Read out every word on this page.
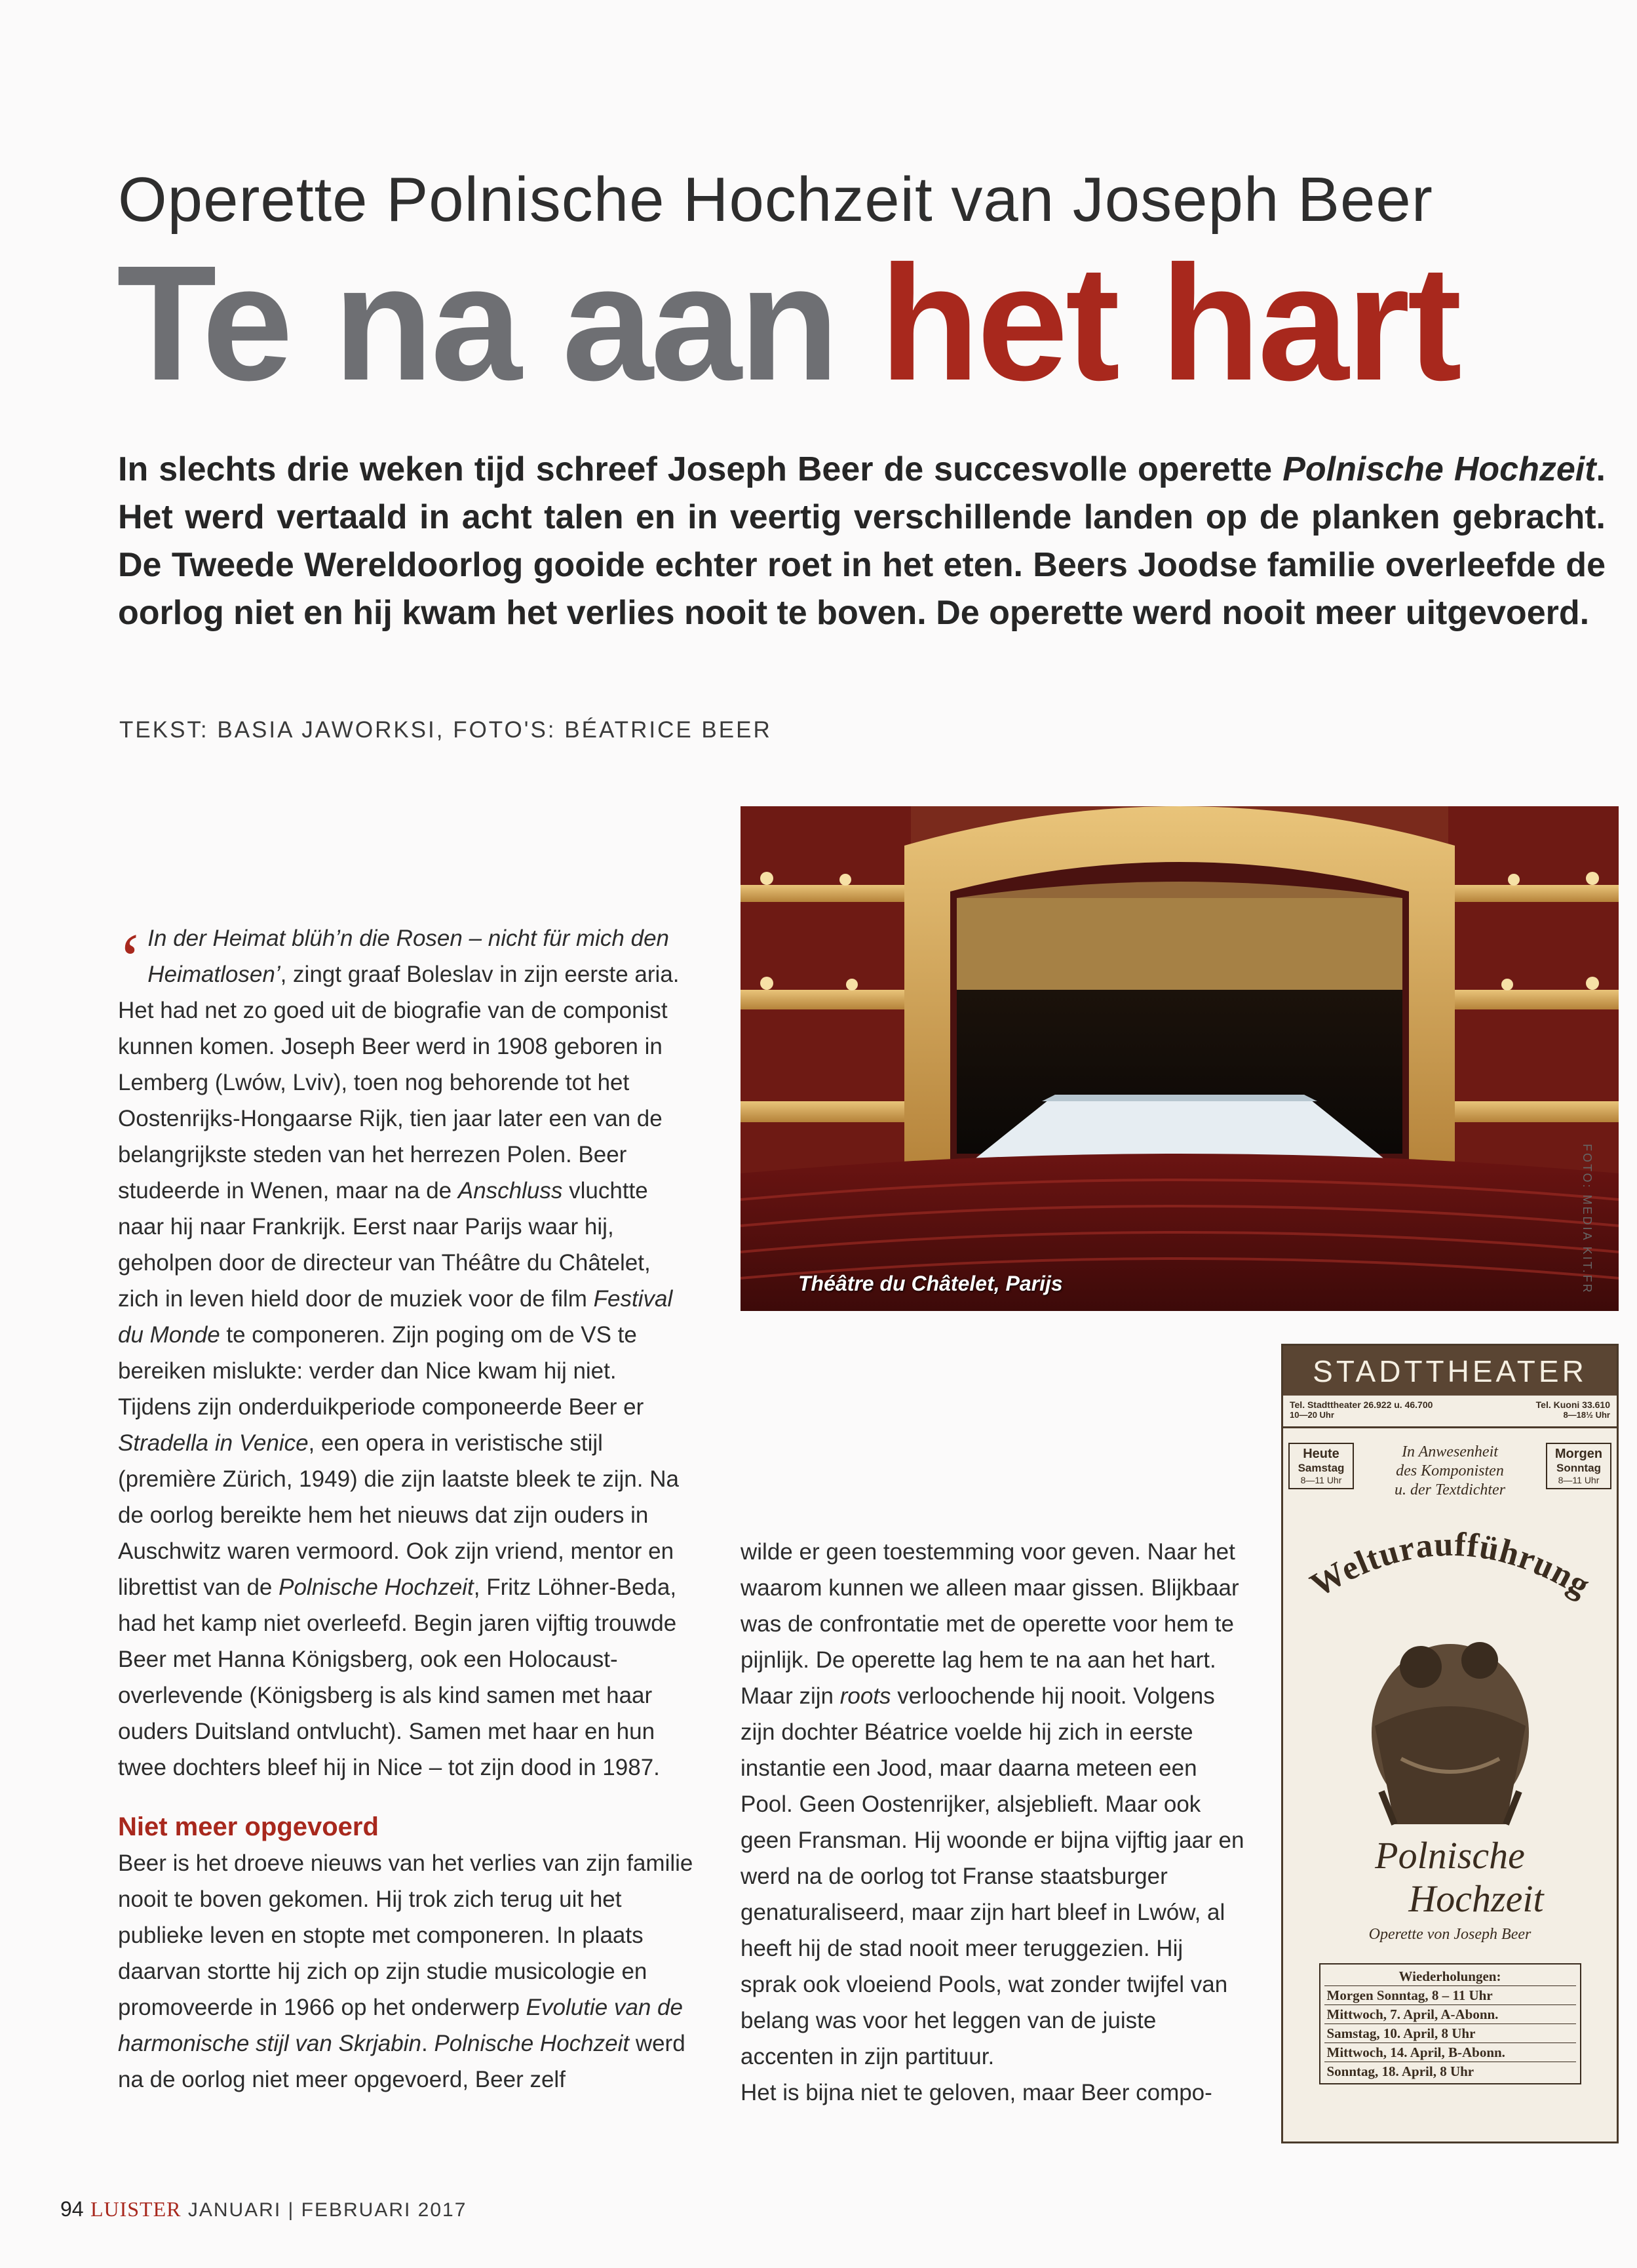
Operette Polnische Hochzeit van Joseph Beer
Te na aan het hart

In slechts drie weken tijd schreef Joseph Beer de succesvolle operette Polnische Hochzeit. Het werd vertaald in acht talen en in veertig verschillende landen op de planken gebracht. De Tweede Wereldoorlog gooide echter roet in het eten. Beers Joodse familie overleefde de oorlog niet en hij kwam het verlies nooit te boven. De operette werd nooit meer uitgevoerd.

TEKST: BASIA JAWORKSI, FOTO'S: BÉATRICE BEER

‘ In der Heimat blüh’n die Rosen – nicht für mich den Heimatlosen’, zingt graaf Boleslav in zijn eerste aria. Het had net zo goed uit de biografie van de componist kunnen komen. Joseph Beer werd in 1908 geboren in Lemberg (Lwów, Lviv), toen nog behorende tot het Oostenrijks-Hongaarse Rijk, tien jaar later een van de belangrijkste steden van het herrezen Polen. Beer studeerde in Wenen, maar na de Anschluss vluchtte naar hij naar Frankrijk. Eerst naar Parijs waar hij, geholpen door de directeur van Théâtre du Châtelet, zich in leven hield door de muziek voor de film Festival du Monde te componeren. Zijn poging om de VS te bereiken mislukte: verder dan Nice kwam hij niet. Tijdens zijn onderduikperiode componeerde Beer er Stradella in Venice, een opera in veristische stijl (première Zürich, 1949) die zijn laatste bleek te zijn. Na de oorlog bereikte hem het nieuws dat zijn ouders in Auschwitz waren vermoord. Ook zijn vriend, mentor en librettist van de Polnische Hochzeit, Fritz Löhner-Beda, had het kamp niet overleefd. Begin jaren vijftig trouwde Beer met Hanna Königsberg, ook een Holocaust-overlevende (Königsberg is als kind samen met haar ouders Duitsland ontvlucht). Samen met haar en hun twee dochters bleef hij in Nice – tot zijn dood in 1987.

Niet meer opgevoerd

Beer is het droeve nieuws van het verlies van zijn familie nooit te boven gekomen. Hij trok zich terug uit het publieke leven en stopte met componeren. In plaats daarvan stortte hij zich op zijn studie musicologie en promoveerde in 1966 op het onderwerp Evolutie van de harmonische stijl van Skrjabin. Polnische Hochzeit werd na de oorlog niet meer opgevoerd, Beer zelf

wilde er geen toestemming voor geven. Naar het waarom kunnen we alleen maar gissen. Blijkbaar was de confrontatie met de operette voor hem te pijnlijk. De operette lag hem te na aan het hart.

Maar zijn roots verloochende hij nooit. Volgens zijn dochter Béatrice voelde hij zich in eerste instantie een Jood, maar daarna meteen een Pool. Geen Oostenrijker, alsjeblieft. Maar ook geen Fransman. Hij woonde er bijna vijftig jaar en werd na de oorlog tot Franse staatsburger genaturaliseerd, maar zijn hart bleef in Lwów, al heeft hij de stad nooit meer teruggezien. Hij sprak ook vloeiend Pools, wat zonder twijfel van belang was voor het leggen van de juiste accenten in zijn partituur.

Het is bijna niet te geloven, maar Beer compo-

Théâtre du Châtelet, Parijs	FOTO: MEDIA KIT.FR
STADTTHEATER
Tel. Stadttheater 26.922 u. 46.700
10—20 Uhr
Tel. Kuoni 33.610
8—18½ Uhr
Heute
Samstag
8—11 Uhr
In Anwesenheit
des Komponisten
u. der Textdichter
Morgen
Sonntag
8—11 Uhr
Welturaufführung

Polnische
Hochzeit
Operette von Joseph Beer
Wiederholungen:
Morgen Sonntag, 8 – 11 Uhr
Mittwoch, 7. April, A-Abonn.
Samstag, 10. April, 8 Uhr
Mittwoch, 14. April, B-Abonn.
Sonntag, 18. April, 8 Uhr
94 LUISTER JANUARI | FEBRUARI 2017
